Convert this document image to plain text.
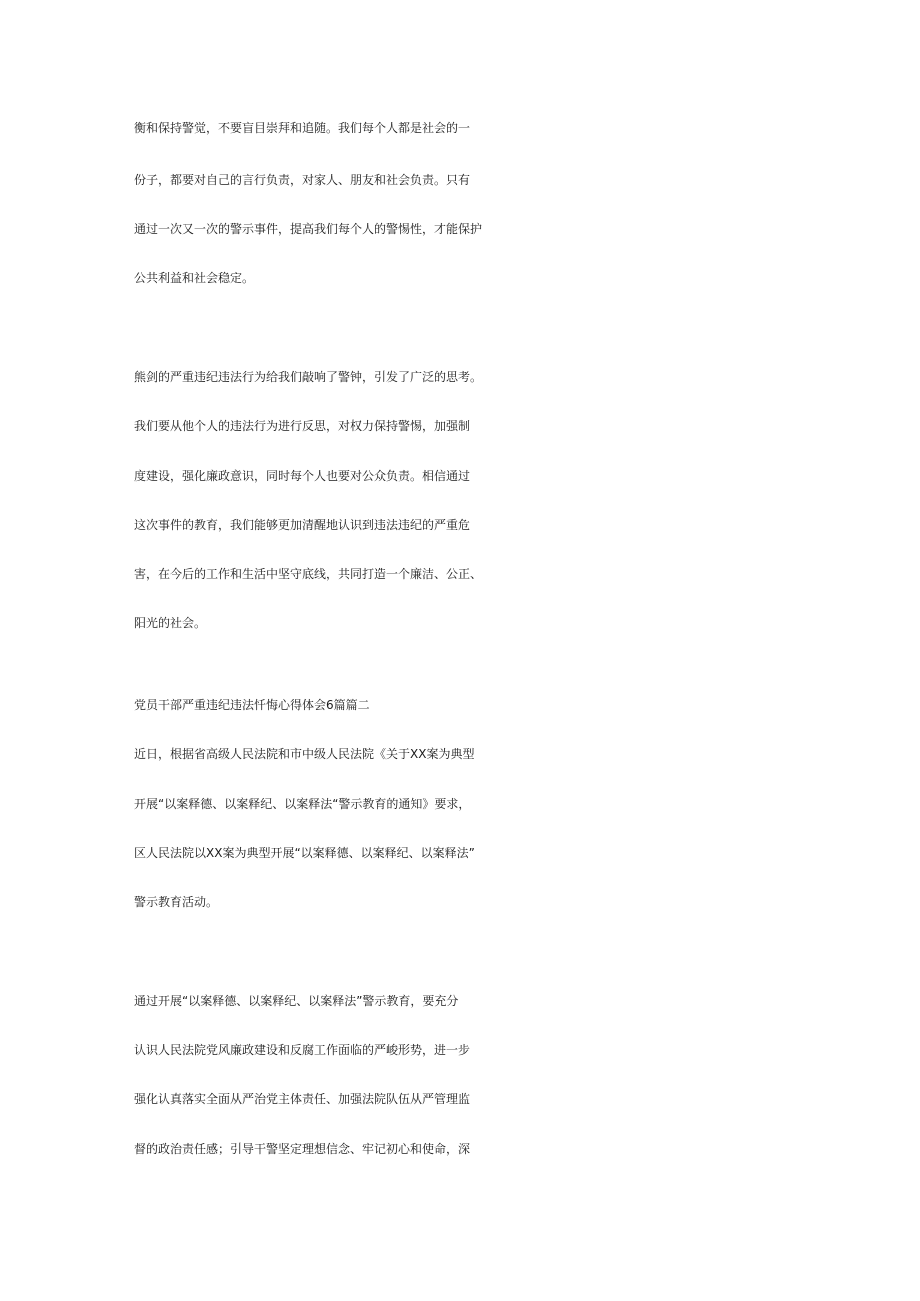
衡和保持警觉，不要盲目崇拜和追随。我们每个人都是社会的一
份子，都要对自己的言行负责，对家人、朋友和社会负责。只有
通过一次又一次的警示事件，提高我们每个人的警惕性，才能保护
公共利益和社会稳定。
熊剑的严重违纪违法行为给我们敲响了警钟，引发了广泛的思考。
我们要从他个人的违法行为进行反思，对权力保持警惕，加强制
度建设，强化廉政意识，同时每个人也要对公众负责。相信通过
这次事件的教育，我们能够更加清醒地认识到违法违纪的严重危
害，在今后的工作和生活中坚守底线，共同打造一个廉洁、公正、
阳光的社会。
党员干部严重违纪违法忏悔心得体会6篇篇二
近日，根据省高级人民法院和市中级人民法院《关于XX案为典型
开展“以案释德、以案释纪、以案释法“警示教育的通知》要求，
区人民法院以XX案为典型开展“以案释德、以案释纪、以案释法”
警示教育活动。
通过开展“以案释德、以案释纪、以案释法”警示教育，要充分
认识人民法院党风廉政建设和反腐工作面临的严峻形势，进一步
强化认真落实全面从严治党主体责任、加强法院队伍从严管理监
督的政治责任感；引导干警坚定理想信念、牢记初心和使命，深
